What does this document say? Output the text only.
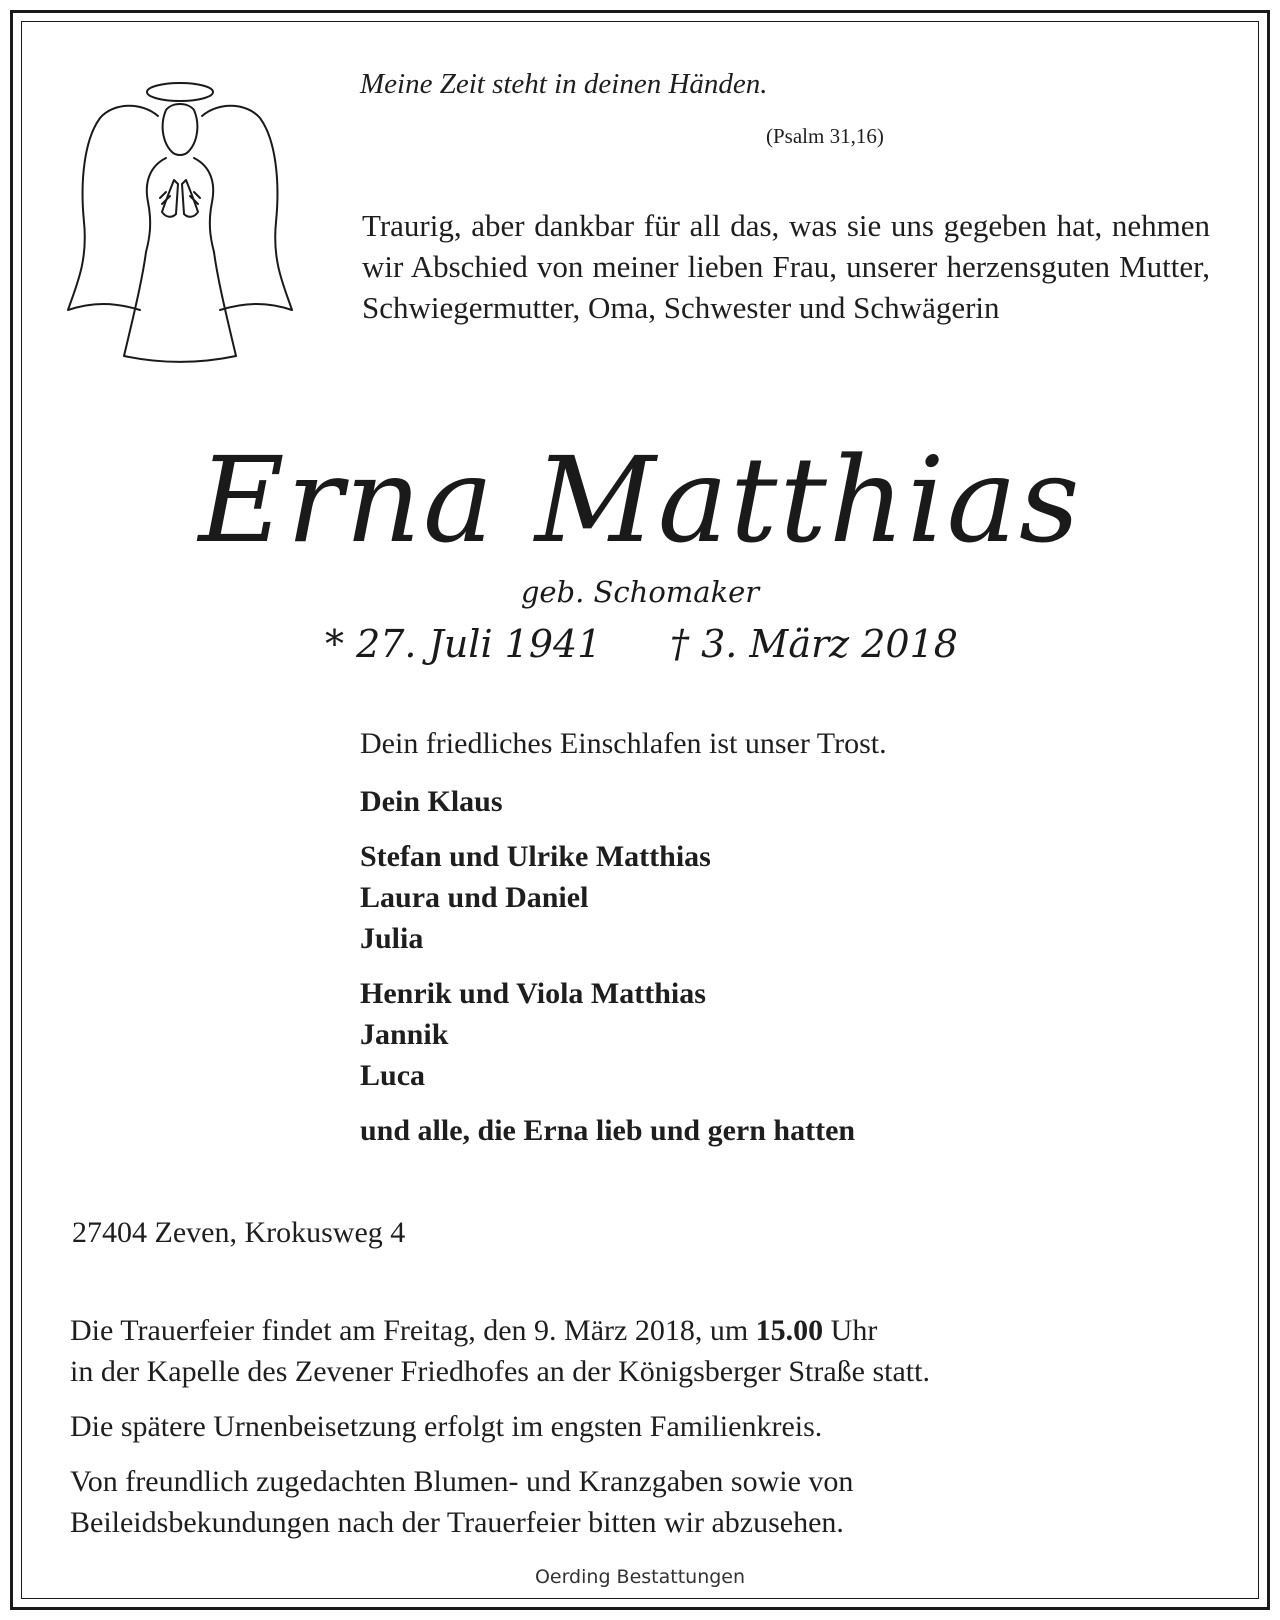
Meine Zeit steht in deinen Händen.
(Psalm 31,16)
Traurig, aber dankbar für all das, was sie uns gegeben hat, nehmen wir Abschied von meiner lieben Frau, unserer herzensguten Mutter, Schwiegermutter, Oma, Schwester und Schwägerin
Erna Matthias
geb. Schomaker
* 27. Juli 1941 † 3. März 2018
Dein friedliches Einschlafen ist unser Trost.
Dein Klaus
Stefan und Ulrike Matthias
Laura und Daniel
Julia
Henrik und Viola Matthias
Jannik
Luca
und alle, die Erna lieb und gern hatten
27404 Zeven, Krokusweg 4

Die Trauerfeier findet am Freitag, den 9. März 2018, um 15.00 Uhr
in der Kapelle des Zevener Friedhofes an der Königsberger Straße statt.

Die spätere Urnenbeisetzung erfolgt im engsten Familienkreis.

Von freundlich zugedachten Blumen- und Kranzgaben sowie von
Beileidsbekundungen nach der Trauerfeier bitten wir abzusehen.

Oerding Bestattungen
